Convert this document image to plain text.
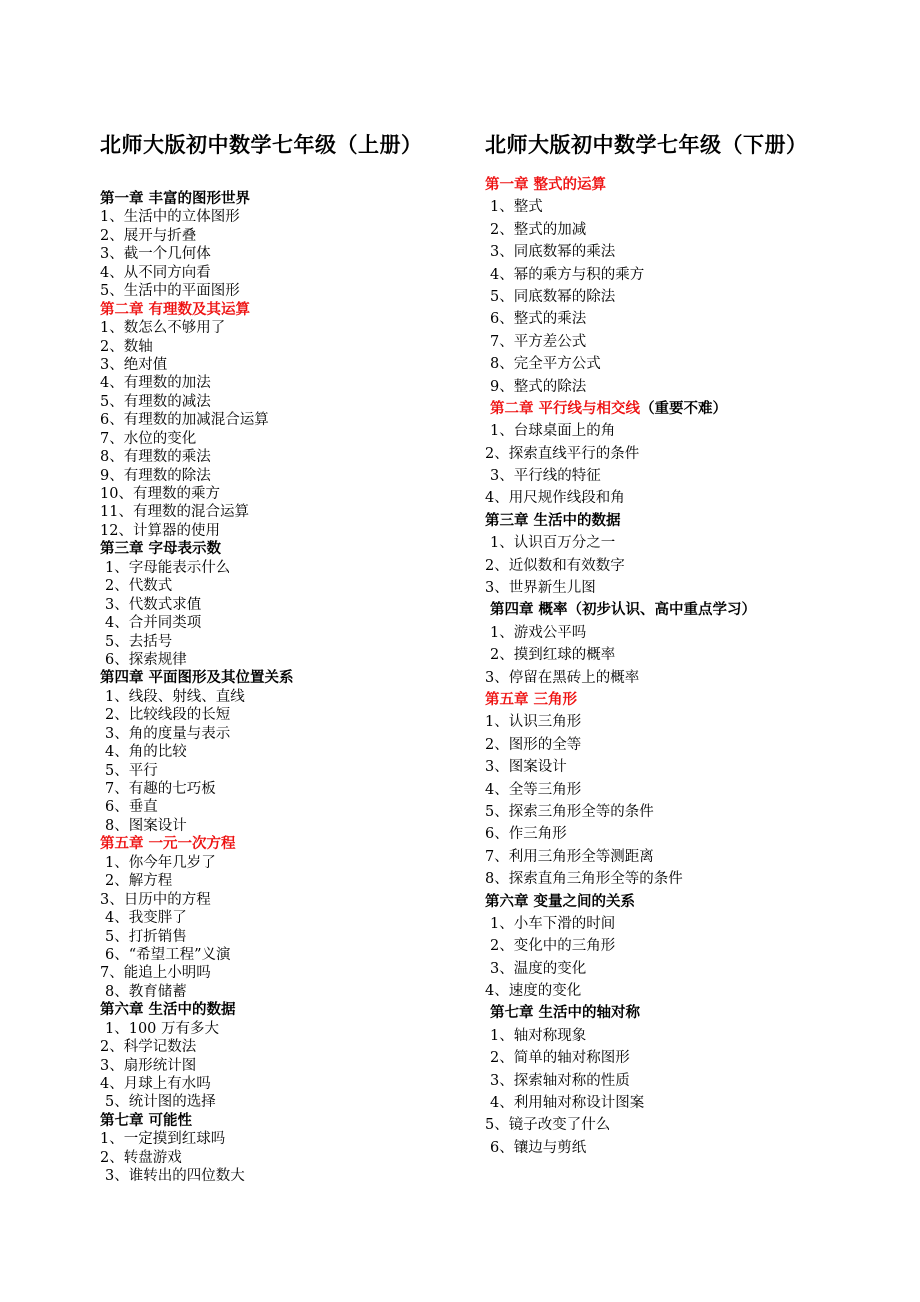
北师大版初中数学七年级（上册）
第一章 丰富的图形世界
1、生活中的立体图形
2、展开与折叠
3、截一个几何体
4、从不同方向看
5、生活中的平面图形
第二章 有理数及其运算
1、数怎么不够用了
2、数轴
3、绝对值
4、有理数的加法
5、有理数的减法
6、有理数的加减混合运算
7、水位的变化
8、有理数的乘法
9、有理数的除法
10、有理数的乘方
11、有理数的混合运算
12、计算器的使用
第三章 字母表示数
1、字母能表示什么
2、代数式
3、代数式求值
4、合并同类项
5、去括号
6、探索规律
第四章 平面图形及其位置关系
1、线段、射线、直线
2、比较线段的长短
3、角的度量与表示
4、角的比较
5、平行
7、有趣的七巧板
6、垂直
8、图案设计
第五章 一元一次方程
1、你今年几岁了
2、解方程
3、日历中的方程
4、我变胖了
5、打折销售
6、“希望工程”义演
7、能追上小明吗
8、教育储蓄
第六章 生活中的数据
1、100 万有多大
2、科学记数法
3、扇形统计图
4、月球上有水吗
5、统计图的选择
第七章 可能性
1、一定摸到红球吗
2、转盘游戏
3、谁转出的四位数大
北师大版初中数学七年级（下册）
第一章 整式的运算
1、整式
2、整式的加减
3、同底数幂的乘法
4、幂的乘方与积的乘方
5、同底数幂的除法
6、整式的乘法
7、平方差公式
8、完全平方公式
9、整式的除法
第二章 平行线与相交线（重要不难）
1、台球桌面上的角
2、探索直线平行的条件
3、平行线的特征
4、用尺规作线段和角
第三章 生活中的数据
1、认识百万分之一
2、近似数和有效数字
3、世界新生儿图
第四章 概率（初步认识、高中重点学习）
1、游戏公平吗
2、摸到红球的概率
3、停留在黑砖上的概率
第五章 三角形
1、认识三角形
2、图形的全等
3、图案设计
4、全等三角形
5、探索三角形全等的条件
6、作三角形
7、利用三角形全等测距离
8、探索直角三角形全等的条件
第六章 变量之间的关系
1、小车下滑的时间
2、变化中的三角形
3、温度的变化
4、速度的变化
第七章 生活中的轴对称
1、轴对称现象
2、简单的轴对称图形
3、探索轴对称的性质
4、利用轴对称设计图案
5、镜子改变了什么
6、镶边与剪纸
